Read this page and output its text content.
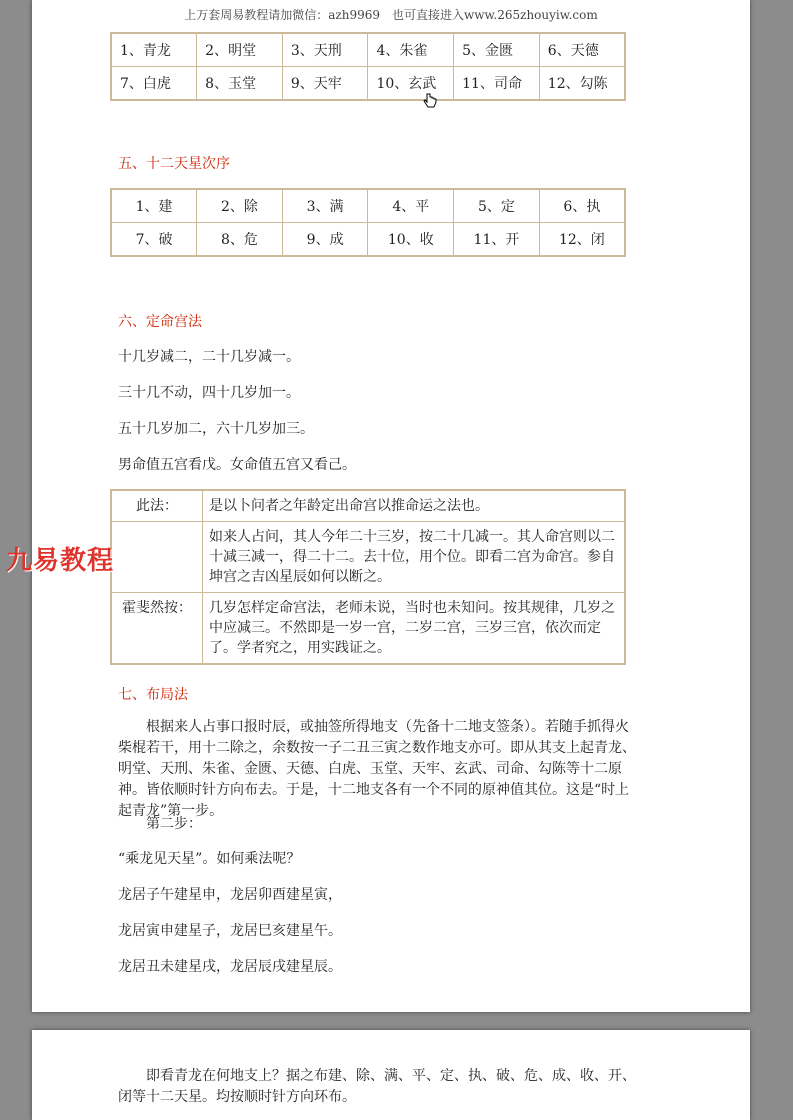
上万套周易教程请加微信：azh9969　也可直接进入www.265zhouyiw.com
1、青龙	2、明堂	3、天刑	4、朱雀	5、金匮	6、天德
7、白虎	8、玉堂	9、天牢	10、玄武	11、司命	12、勾陈
五、十二天星次序
1、建	2、除	3、满	4、平	5、定	6、执
7、破	8、危	9、成	10、收	11、开	12、闭
六、定命宫法
十几岁减二，二十几岁减一。
三十几不动，四十几岁加一。
五十几岁加二，六十几岁加三。
男命值五宫看戊。女命值五宫又看己。
此法：	是以卜问者之年龄定出命宫以推命运之法也。
	如来人占问，其人今年二十三岁，按二十几减一。其人命宫则以二十减三减一，得二十二。去十位，用个位。即看二宫为命宫。参自坤宫之吉凶星辰如何以断之。
霍斐然按：	几岁怎样定命宫法，老师未说，当时也未知问。按其规律，几岁之中应减三。不然即是一岁一宫，二岁二宫，三岁三宫，依次而定了。学者究之，用实践证之。
七、布局法
根据来人占事口报时辰，或抽签所得地支（先备十二地支签条）。若随手抓得火柴棍若干，用十二除之，余数按一子二丑三寅之数作地支亦可。即从其支上起青龙、明堂、天刑、朱雀、金匮、天德、白虎、玉堂、天牢、玄武、司命、勾陈等十二原神。皆依顺时针方向布去。于是，十二地支各有一个不同的原神值其位。这是“时上起青龙”第一步。
第二步：
“乘龙见天星”。如何乘法呢？
龙居子午建星申，龙居卯酉建星寅，
龙居寅申建星子，龙居巳亥建星午。
龙居丑未建星戌，龙居辰戌建星辰。
九易教程
即看青龙在何地支上？据之布建、除、满、平、定、执、破、危、成、收、开、闭等十二天星。均按顺时针方向环布。
